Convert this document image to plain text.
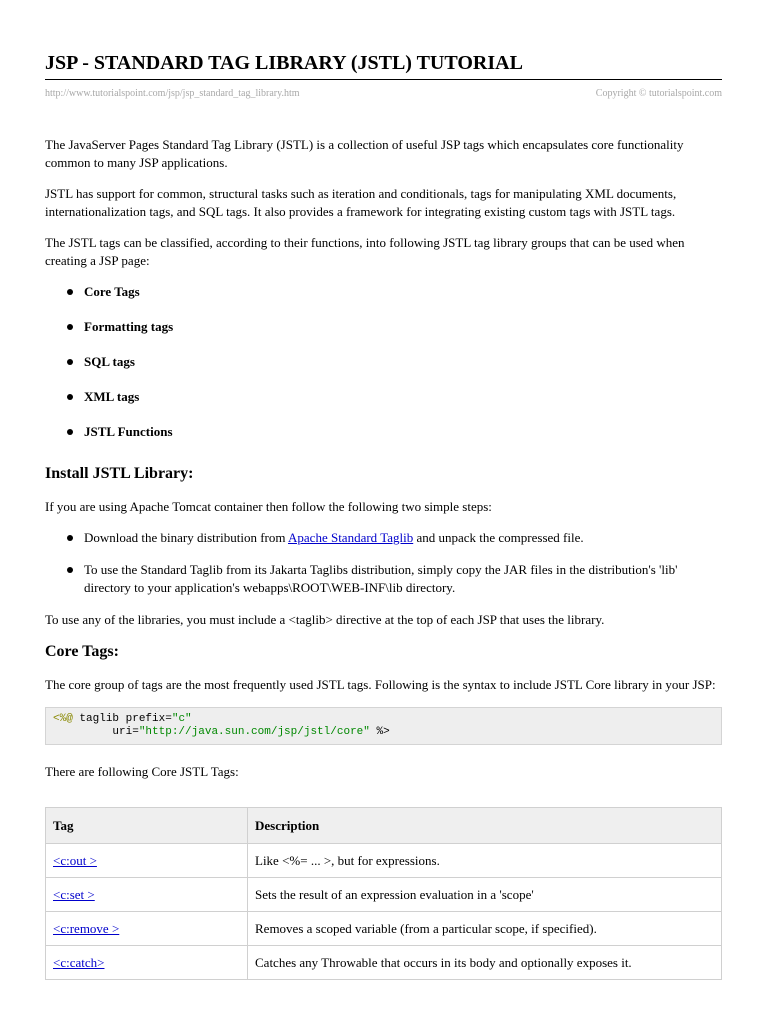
JSP - STANDARD TAG LIBRARY (JSTL) TUTORIAL
http://www.tutorialspoint.com/jsp/jsp_standard_tag_library.htm	Copyright © tutorialspoint.com

The JavaServer Pages Standard Tag Library (JSTL) is a collection of useful JSP tags which encapsulates core functionality common to many JSP applications.

JSTL has support for common, structural tasks such as iteration and conditionals, tags for manipulating XML documents, internationalization tags, and SQL tags. It also provides a framework for integrating existing custom tags with JSTL tags.

The JSTL tags can be classified, according to their functions, into following JSTL tag library groups that can be used when creating a JSP page:

Core Tags
Formatting tags
SQL tags
XML tags
JSTL Functions
Install JSTL Library:

If you are using Apache Tomcat container then follow the following two simple steps:

Download the binary distribution from Apache Standard Taglib and unpack the compressed file.
To use the Standard Taglib from its Jakarta Taglibs distribution, simply copy the JAR files in the distribution's 'lib' directory to your application's webapps\ROOT\WEB-INF\lib directory.

To use any of the libraries, you must include a <taglib> directive at the top of each JSP that uses the library.

Core Tags:

The core group of tags are the most frequently used JSTL tags. Following is the syntax to include JSTL Core library in your JSP:

<%@ taglib prefix="c"
uri="http://java.sun.com/jsp/jstl/core" %>

There are following Core JSTL Tags:

Tag	Description
<c:out >	Like <%= ... >, but for expressions.
<c:set >	Sets the result of an expression evaluation in a 'scope'
<c:remove >	Removes a scoped variable (from a particular scope, if specified).
<c:catch>	Catches any Throwable that occurs in its body and optionally exposes it.
